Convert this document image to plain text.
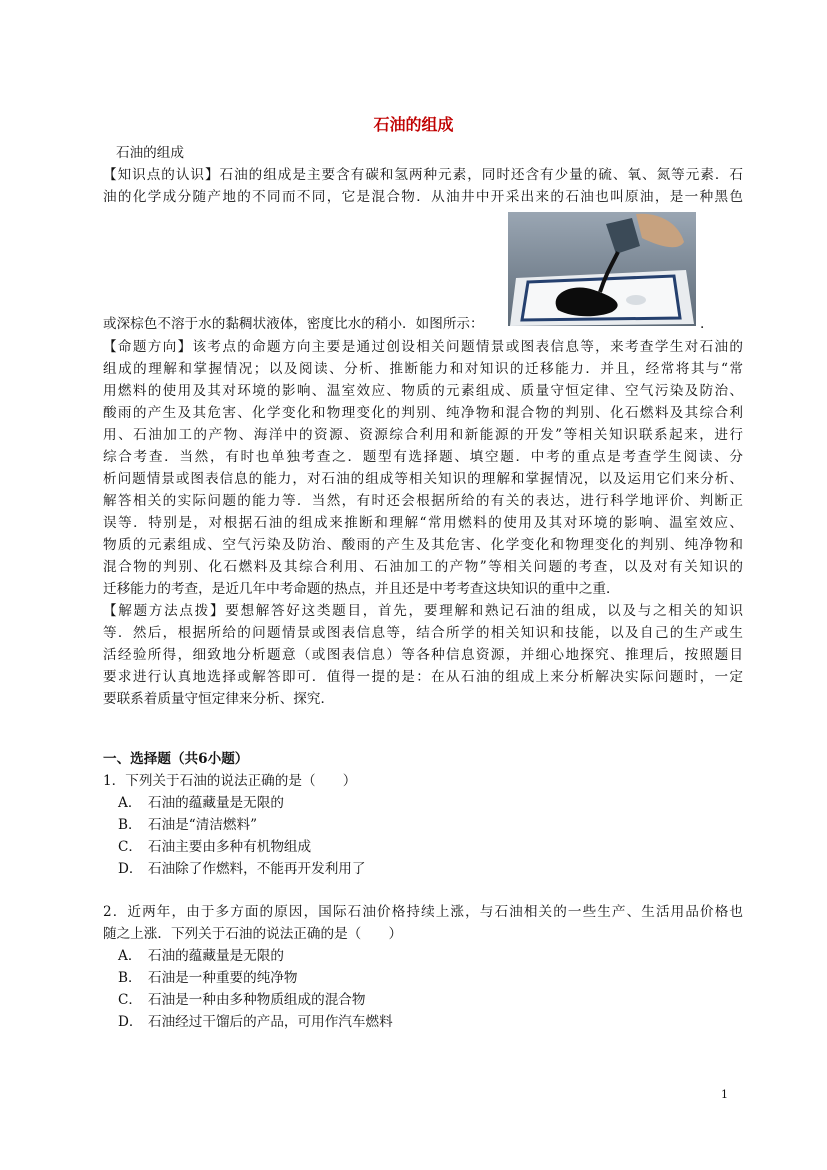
石油的组成
石油的组成
【知识点的认识】石油的组成是主要含有碳和氢两种元素，同时还含有少量的硫、氧、氮等元素．石
油的化学成分随产地的不同而不同，它是混合物．从油井中开采出来的石油也叫原油，是一种黑色
或深棕色不溶于水的黏稠状液体，密度比水的稍小．如图所示：	.
【命题方向】该考点的命题方向主要是通过创设相关问题情景或图表信息等，来考查学生对石油的
组成的理解和掌握情况；以及阅读、分析、推断能力和对知识的迁移能力．并且，经常将其与“常
用燃料的使用及其对环境的影响、温室效应、物质的元素组成、质量守恒定律、空气污染及防治、
酸雨的产生及其危害、化学变化和物理变化的判别、纯净物和混合物的判别、化石燃料及其综合利
用、石油加工的产物、海洋中的资源、资源综合利用和新能源的开发”等相关知识联系起来，进行
综合考查．当然，有时也单独考查之．题型有选择题、填空题．中考的重点是考查学生阅读、分
析问题情景或图表信息的能力，对石油的组成等相关知识的理解和掌握情况，以及运用它们来分析、
解答相关的实际问题的能力等．当然，有时还会根据所给的有关的表达，进行科学地评价、判断正
误等．特别是，对根据石油的组成来推断和理解“常用燃料的使用及其对环境的影响、温室效应、
物质的元素组成、空气污染及防治、酸雨的产生及其危害、化学变化和物理变化的判别、纯净物和
混合物的判别、化石燃料及其综合利用、石油加工的产物”等相关问题的考查，以及对有关知识的
迁移能力的考查，是近几年中考命题的热点，并且还是中考考查这块知识的重中之重．
【解题方法点拨】要想解答好这类题目，首先，要理解和熟记石油的组成，以及与之相关的知识
等．然后，根据所给的问题情景或图表信息等，结合所学的相关知识和技能，以及自己的生产或生
活经验所得，细致地分析题意（或图表信息）等各种信息资源，并细心地探究、推理后，按照题目
要求进行认真地选择或解答即可．值得一提的是：在从石油的组成上来分析解决实际问题时，一定
要联系着质量守恒定律来分析、探究．
一、选择题（共6小题）
1．下列关于石油的说法正确的是（　　）
A． 石油的蕴藏量是无限的
B． 石油是“清洁燃料”
C． 石油主要由多种有机物组成
D． 石油除了作燃料，不能再开发利用了
2．近两年，由于多方面的原因，国际石油价格持续上涨，与石油相关的一些生产、生活用品价格也
随之上涨．下列关于石油的说法正确的是（　　）
A． 石油的蕴藏量是无限的
B． 石油是一种重要的纯净物
C． 石油是一种由多种物质组成的混合物
D． 石油经过干馏后的产品，可用作汽车燃料
1
